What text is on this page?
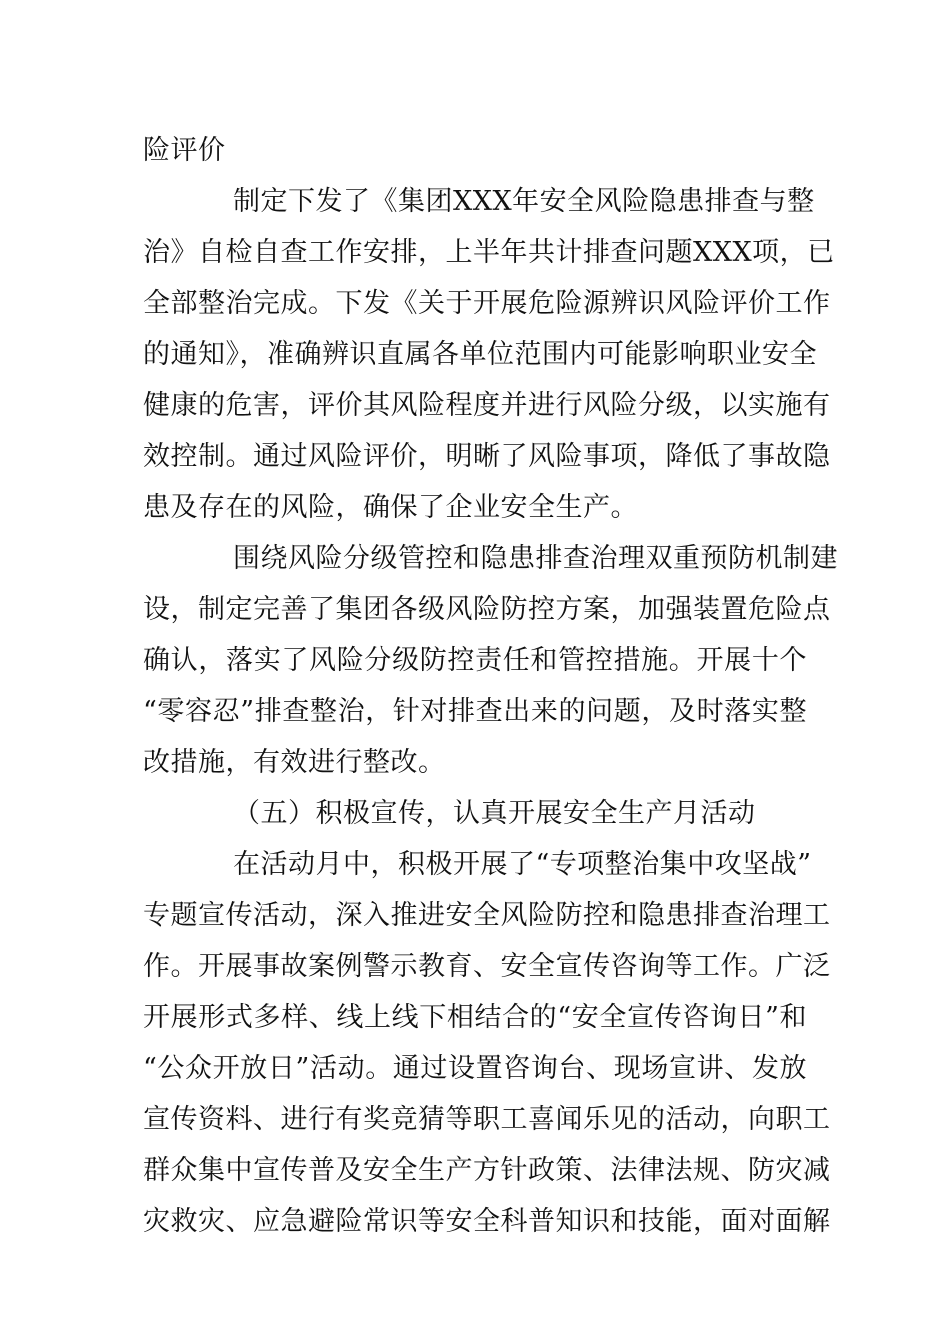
险评价

制定下发了《集团XXX年安全风险隐患排查与整

治》自检自查工作安排，上半年共计排查问题XXX项，已

全部整治完成。下发《关于开展危险源辨识风险评价工作

的通知》，准确辨识直属各单位范围内可能影响职业安全

健康的危害，评价其风险程度并进行风险分级，以实施有

效控制。通过风险评价，明晰了风险事项，降低了事故隐

患及存在的风险，确保了企业安全生产。

围绕风险分级管控和隐患排查治理双重预防机制建

设，制定完善了集团各级风险防控方案，加强装置危险点

确认，落实了风险分级防控责任和管控措施。开展十个

“零容忍”排查整治，针对排查出来的问题，及时落实整

改措施，有效进行整改。

（五）积极宣传，认真开展安全生产月活动

在活动月中，积极开展了“专项整治集中攻坚战”

专题宣传活动，深入推进安全风险防控和隐患排查治理工

作。开展事故案例警示教育、安全宣传咨询等工作。广泛

开展形式多样、线上线下相结合的“安全宣传咨询日”和

“公众开放日”活动。通过设置咨询台、现场宣讲、发放

宣传资料、进行有奖竞猜等职工喜闻乐见的活动，向职工

群众集中宣传普及安全生产方针政策、法律法规、防灾减

灾救灾、应急避险常识等安全科普知识和技能，面对面解
